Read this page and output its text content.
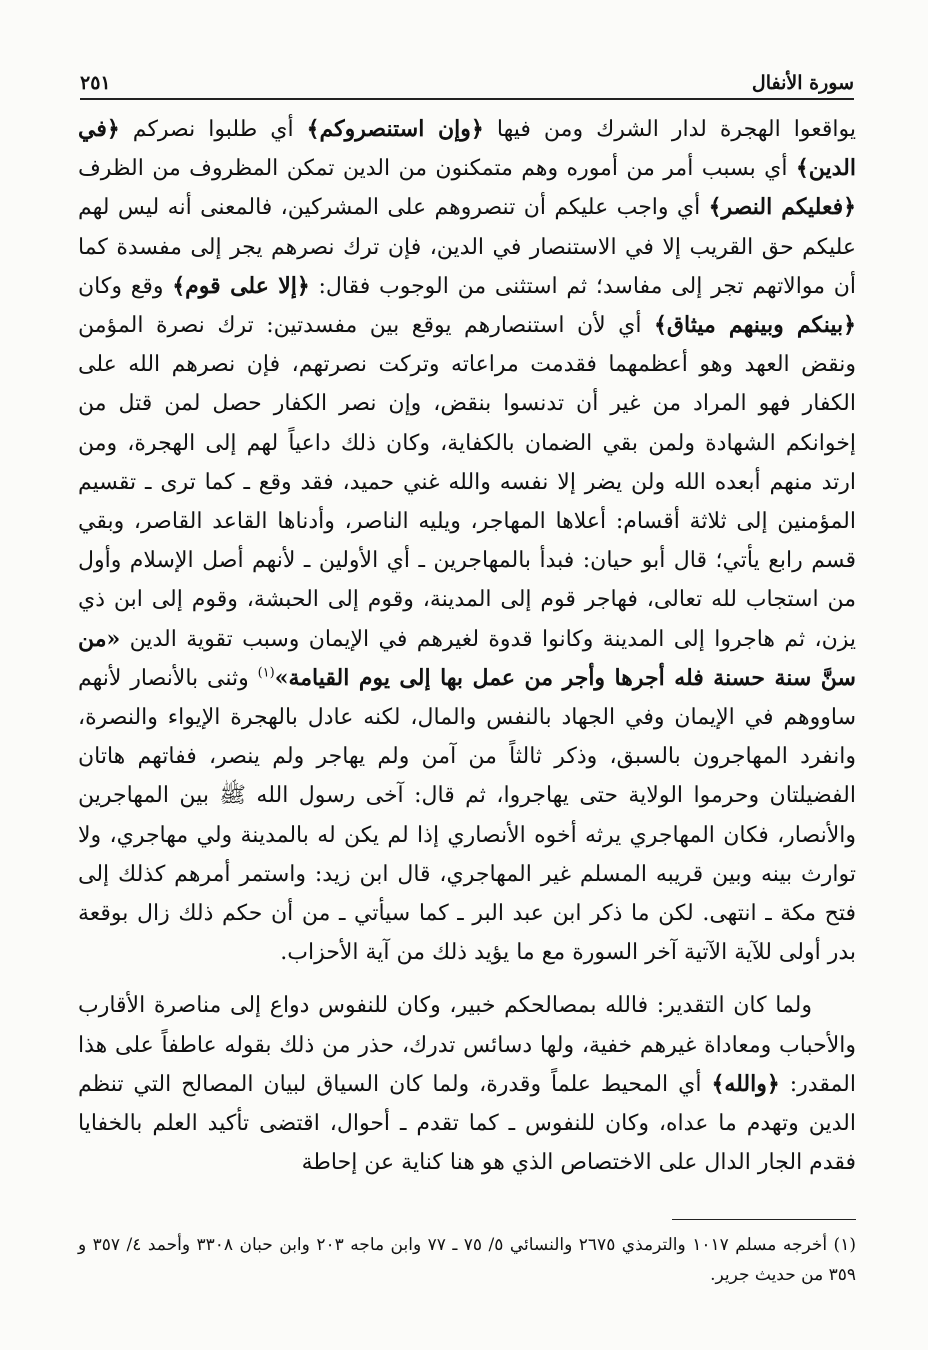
سورة الأنفال
٢٥١

يواقعوا الهجرة لدار الشرك ومن فيها ﴿وإن استنصروكم﴾ أي طلبوا نصركم ﴿في الدين﴾ أي بسبب أمر من أموره وهم متمكنون من الدين تمكن المظروف من الظرف ﴿فعليكم النصر﴾ أي واجب عليكم أن تنصروهم على المشركين، فالمعنى أنه ليس لهم عليكم حق القريب إلا في الاستنصار في الدين، فإن ترك نصرهم يجر إلى مفسدة كما أن موالاتهم تجر إلى مفاسد؛ ثم استثنى من الوجوب فقال: ﴿إلا على قوم﴾ وقع وكان ﴿بينكم وبينهم ميثاق﴾ أي لأن استنصارهم يوقع بين مفسدتين: ترك نصرة المؤمن ونقض العهد وهو أعظمهما فقدمت مراعاته وتركت نصرتهم، فإن نصرهم الله على الكفار فهو المراد من غير أن تدنسوا بنقض، وإن نصر الكفار حصل لمن قتل من إخوانكم الشهادة ولمن بقي الضمان بالكفاية، وكان ذلك داعياً لهم إلى الهجرة، ومن ارتد منهم أبعده الله ولن يضر إلا نفسه والله غني حميد، فقد وقع ـ كما ترى ـ تقسيم المؤمنين إلى ثلاثة أقسام: أعلاها المهاجر، ويليه الناصر، وأدناها القاعد القاصر، وبقي قسم رابع يأتي؛ قال أبو حيان: فبدأ بالمهاجرين ـ أي الأولين ـ لأنهم أصل الإسلام وأول من استجاب لله تعالى، فهاجر قوم إلى المدينة، وقوم إلى الحبشة، وقوم إلى ابن ذي يزن، ثم هاجروا إلى المدينة وكانوا قدوة لغيرهم في الإيمان وسبب تقوية الدين «من سنَّ سنة حسنة فله أجرها وأجر من عمل بها إلى يوم القيامة»$^{(١)}$ وثنى بالأنصار لأنهم ساووهم في الإيمان وفي الجهاد بالنفس والمال، لكنه عادل بالهجرة الإيواء والنصرة، وانفرد المهاجرون بالسبق، وذكر ثالثاً من آمن ولم يهاجر ولم ينصر، ففاتهم هاتان الفضيلتان وحرموا الولاية حتى يهاجروا، ثم قال: آخى رسول الله ﷺ بين المهاجرين والأنصار، فكان المهاجري يرثه أخوه الأنصاري إذا لم يكن له بالمدينة ولي مهاجري، ولا توارث بينه وبين قريبه المسلم غير المهاجري، قال ابن زيد: واستمر أمرهم كذلك إلى فتح مكة ـ انتهى. لكن ما ذكر ابن عبد البر ـ كما سيأتي ـ من أن حكم ذلك زال بوقعة بدر أولى للآية الآتية آخر السورة مع ما يؤيد ذلك من آية الأحزاب.

ولما كان التقدير: فالله بمصالحكم خبير، وكان للنفوس دواع إلى مناصرة الأقارب والأحباب ومعاداة غيرهم خفية، ولها دسائس تدرك، حذر من ذلك بقوله عاطفاً على هذا المقدر: ﴿والله﴾ أي المحيط علماً وقدرة، ولما كان السياق لبيان المصالح التي تنظم الدين وتهدم ما عداه، وكان للنفوس ـ كما تقدم ـ أحوال، اقتضى تأكيد العلم بالخفايا فقدم الجار الدال على الاختصاص الذي هو هنا كناية عن إحاطة

(١) أخرجه مسلم ١٠١٧ والترمذي ٢٦٧٥ والنسائي ٥/ ٧٥ ـ ٧٧ وابن ماجه ٢٠٣ وابن حبان ٣٣٠٨ وأحمد ٤/ ٣٥٧ و ٣٥٩ من حديث جرير.
